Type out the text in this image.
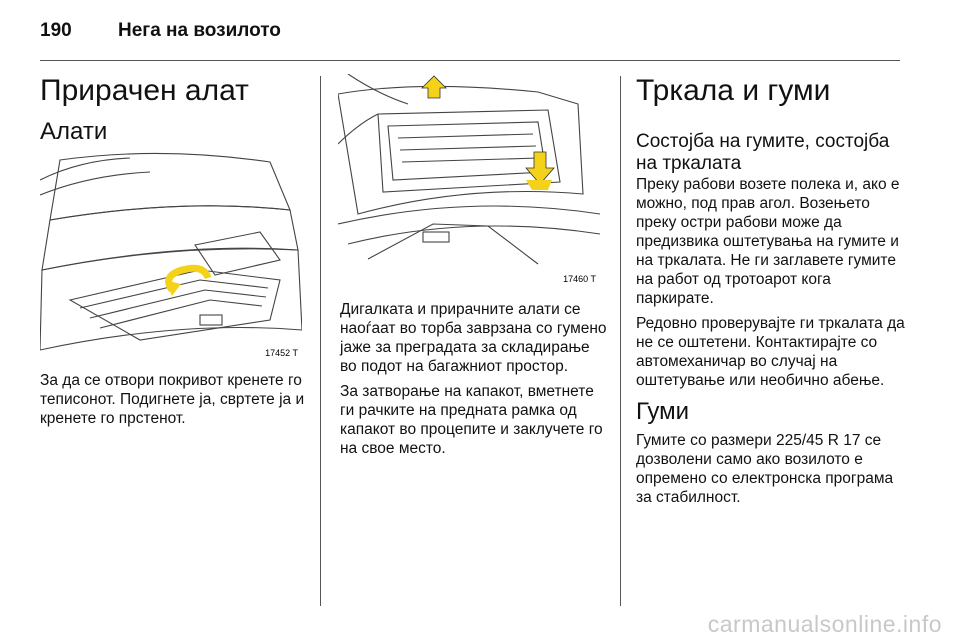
190 Нега на возилото
Прирачен алат
Алати
17452 T

За да се отвори покривот кренете го теписонот. Подигнете ја, свртете ја и кренете го прстенот.

17460 T

Дигалката и прирачните алати се наоѓаат во торба заврзана со гумено јаже за преградата за складирање во подот на багажниот простор.

За затворање на капакот, вметнете ги рачките на предната рамка од капакот во процепите и заклучете го на свое место.

Тркала и гуми
Состојба на гумите, состојба на тркалата

Преку рабови возете полека и, ако е можно, под прав агол. Возењето преку остри рабови може да предизвика оштетувања на гумите и на тркалата. Не ги заглавете гумите на работ од тротоарот кога паркирате.

Редовно проверувајте ги тркалата да не се оштетени. Контактирајте со автомеханичар во случај на оштетување или необично абење.

Гуми

Гумите со размери 225/45 R 17 се дозволени само ако возилото е опремено со електронска програма за стабилност.

carmanualsonline.info
